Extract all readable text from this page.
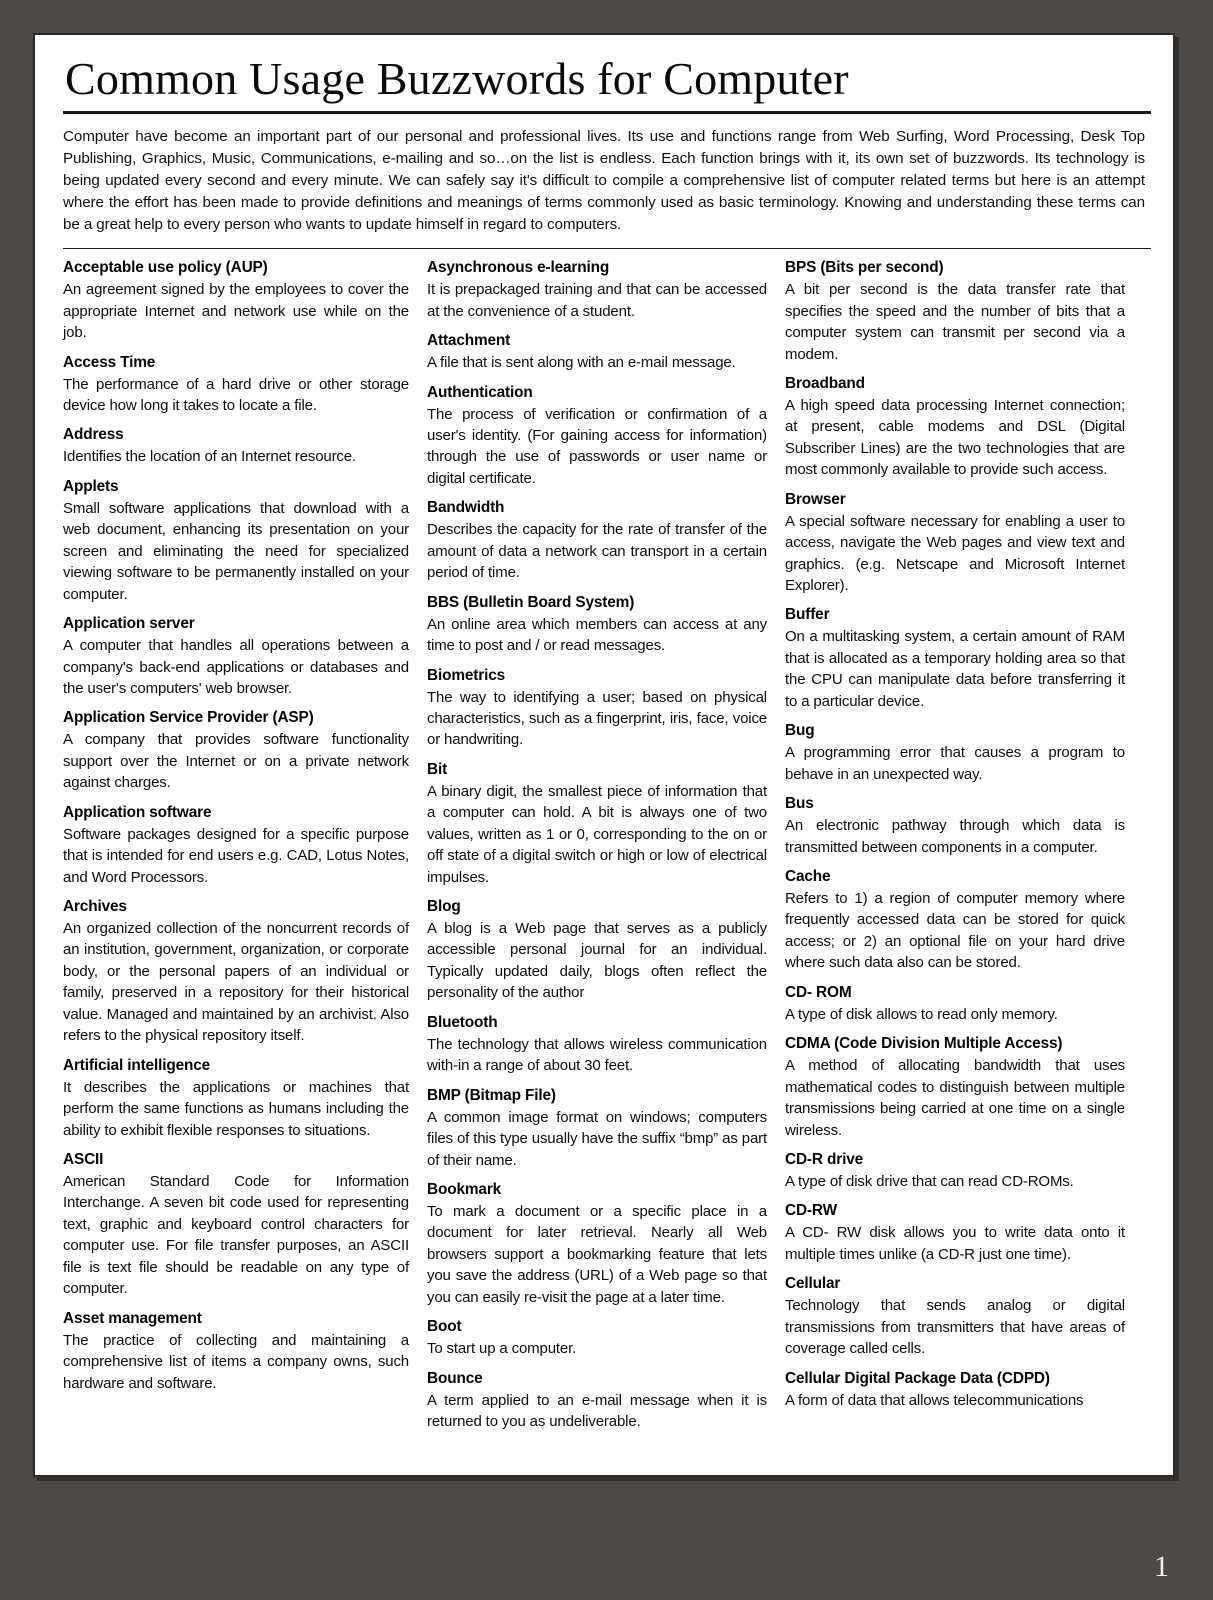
Common Usage Buzzwords for Computer

Computer have become an important part of our personal and professional lives. Its use and functions range from Web Surfing, Word Processing, Desk Top Publishing, Graphics, Music, Communications, e-mailing and so…on the list is endless. Each function brings with it, its own set of buzzwords. Its technology is being updated every second and every minute. We can safely say it's difficult to compile a comprehensive list of computer related terms but here is an attempt where the effort has been made to provide definitions and meanings of terms commonly used as basic terminology. Knowing and understanding these terms can be a great help to every person who wants to update himself in regard to computers.

Acceptable use policy (AUP)
An agreement signed by the employees to cover the appropriate Internet and network use while on the job.
Access Time
The performance of a hard drive or other storage device how long it takes to locate a file.
Address
Identifies the location of an Internet resource.
Applets
Small software applications that download with a web document, enhancing its presentation on your screen and eliminating the need for specialized viewing software to be permanently installed on your computer.
Application server
A computer that handles all operations between a company's back-end applications or databases and the user's computers' web browser.
Application Service Provider (ASP)
A company that provides software functionality support over the Internet or on a private network against charges.
Application software
Software packages designed for a specific purpose that is intended for end users e.g. CAD, Lotus Notes, and Word Processors.
Archives
An organized collection of the noncurrent records of an institution, government, organization, or corporate body, or the personal papers of an individual or family, preserved in a repository for their historical value. Managed and maintained by an archivist. Also refers to the physical repository itself.
Artificial intelligence
It describes the applications or machines that perform the same functions as humans including the ability to exhibit flexible responses to situations.
ASCII
American Standard Code for Information Interchange. A seven bit code used for representing text, graphic and keyboard control characters for computer use. For file transfer purposes, an ASCII file is text file should be readable on any type of computer.
Asset management
The practice of collecting and maintaining a comprehensive list of items a company owns, such hardware and software.
Asynchronous e-learning
It is prepackaged training and that can be accessed at the convenience of a student.
Attachment
A file that is sent along with an e-mail message.
Authentication
The process of verification or confirmation of a user's identity. (For gaining access for information) through the use of passwords or user name or digital certificate.
Bandwidth
Describes the capacity for the rate of transfer of the amount of data a network can transport in a certain period of time.
BBS (Bulletin Board System)
An online area which members can access at any time to post and / or read messages.
Biometrics
The way to identifying a user; based on physical characteristics, such as a fingerprint, iris, face, voice or handwriting.
Bit
A binary digit, the smallest piece of information that a computer can hold. A bit is always one of two values, written as 1 or 0, corresponding to the on or off state of a digital switch or high or low of electrical impulses.
Blog
A blog is a Web page that serves as a publicly accessible personal journal for an individual. Typically updated daily, blogs often reflect the personality of the author
Bluetooth
The technology that allows wireless communication with-in a range of about 30 feet.
BMP (Bitmap File)
A common image format on windows; computers files of this type usually have the suffix “bmp” as part of their name.
Bookmark
To mark a document or a specific place in a document for later retrieval. Nearly all Web browsers support a bookmarking feature that lets you save the address (URL) of a Web page so that you can easily re-visit the page at a later time.
Boot
To start up a computer.
Bounce
A term applied to an e-mail message when it is returned to you as undeliverable.
BPS (Bits per second)
A bit per second is the data transfer rate that specifies the speed and the number of bits that a computer system can transmit per second via a modem.
Broadband
A high speed data processing Internet connection; at present, cable modems and DSL (Digital Subscriber Lines) are the two technologies that are most commonly available to provide such access.
Browser
A special software necessary for enabling a user to access, navigate the Web pages and view text and graphics. (e.g. Netscape and Microsoft Internet Explorer).
Buffer
On a multitasking system, a certain amount of RAM that is allocated as a temporary holding area so that the CPU can manipulate data before transferring it to a particular device.
Bug
A programming error that causes a program to behave in an unexpected way.
Bus
An electronic pathway through which data is transmitted between components in a computer.
Cache
Refers to 1) a region of computer memory where frequently accessed data can be stored for quick access; or 2) an optional file on your hard drive where such data also can be stored.
CD- ROM
A type of disk allows to read only memory.
CDMA (Code Division Multiple Access)
A method of allocating bandwidth that uses mathematical codes to distinguish between multiple transmissions being carried at one time on a single wireless.
CD-R drive
A type of disk drive that can read CD-ROMs.
CD-RW
A CD- RW disk allows you to write data onto it multiple times unlike (a CD-R just one time).
Cellular
Technology that sends analog or digital transmissions from transmitters that have areas of coverage called cells.
Cellular Digital Package Data (CDPD)
A form of data that allows telecommunications
1
